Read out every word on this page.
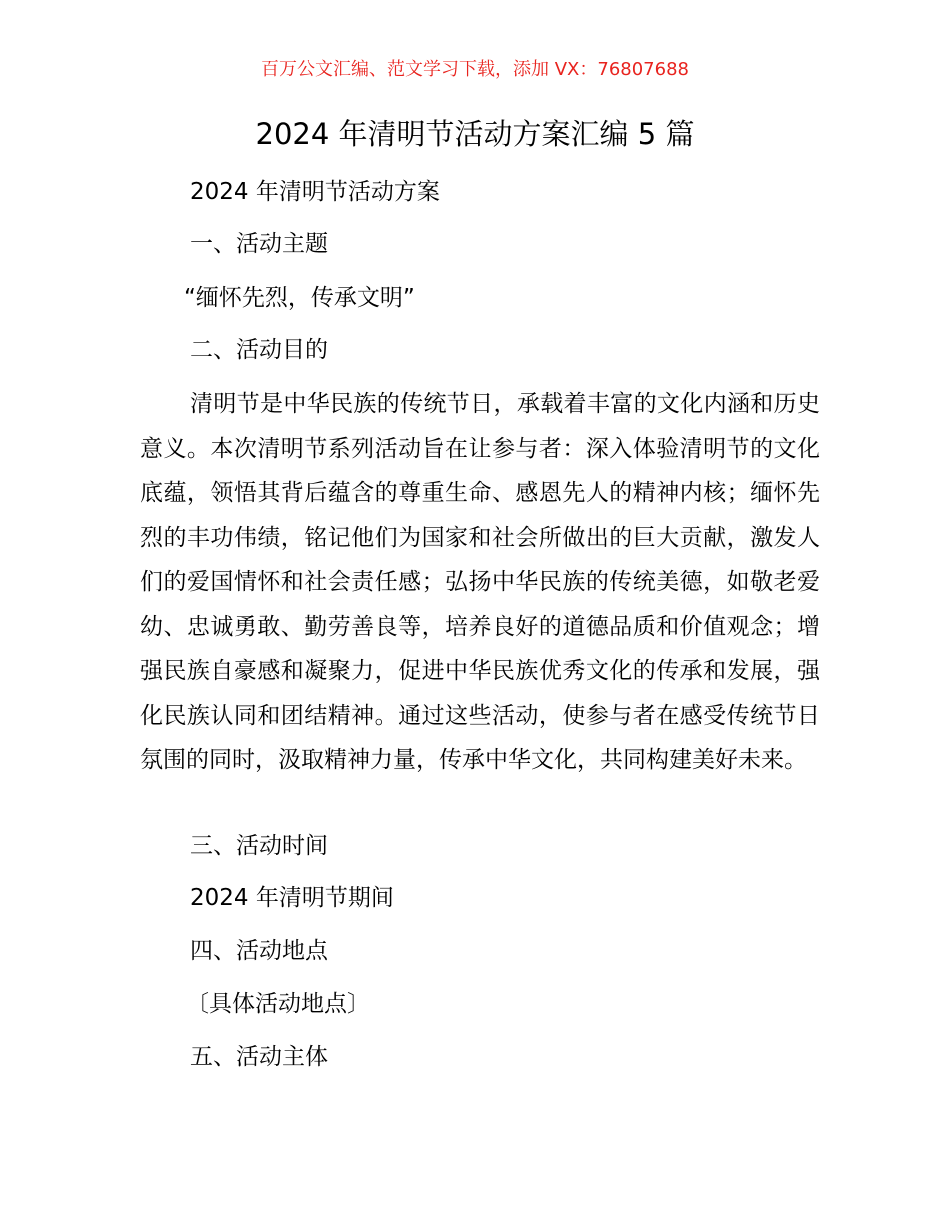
百万公文汇编、范文学习下载，添加 VX：76807688
2024 年清明节活动方案汇编 5 篇
2024 年清明节活动方案
一、活动主题
“缅怀先烈，传承文明”
二、活动目的

清明节是中华民族的传统节日，承载着丰富的文化内涵和历史意义。本次清明节系列活动旨在让参与者：深入体验清明节的文化底蕴，领悟其背后蕴含的尊重生命、感恩先人的精神内核；缅怀先烈的丰功伟绩，铭记他们为国家和社会所做出的巨大贡献，激发人们的爱国情怀和社会责任感；弘扬中华民族的传统美德，如敬老爱幼、忠诚勇敢、勤劳善良等，培养良好的道德品质和价值观念；增强民族自豪感和凝聚力，促进中华民族优秀文化的传承和发展，强化民族认同和团结精神。通过这些活动，使参与者在感受传统节日氛围的同时，汲取精神力量，传承中华文化，共同构建美好未来。

三、活动时间
2024 年清明节期间
四、活动地点
〔具体活动地点〕
五、活动主体
